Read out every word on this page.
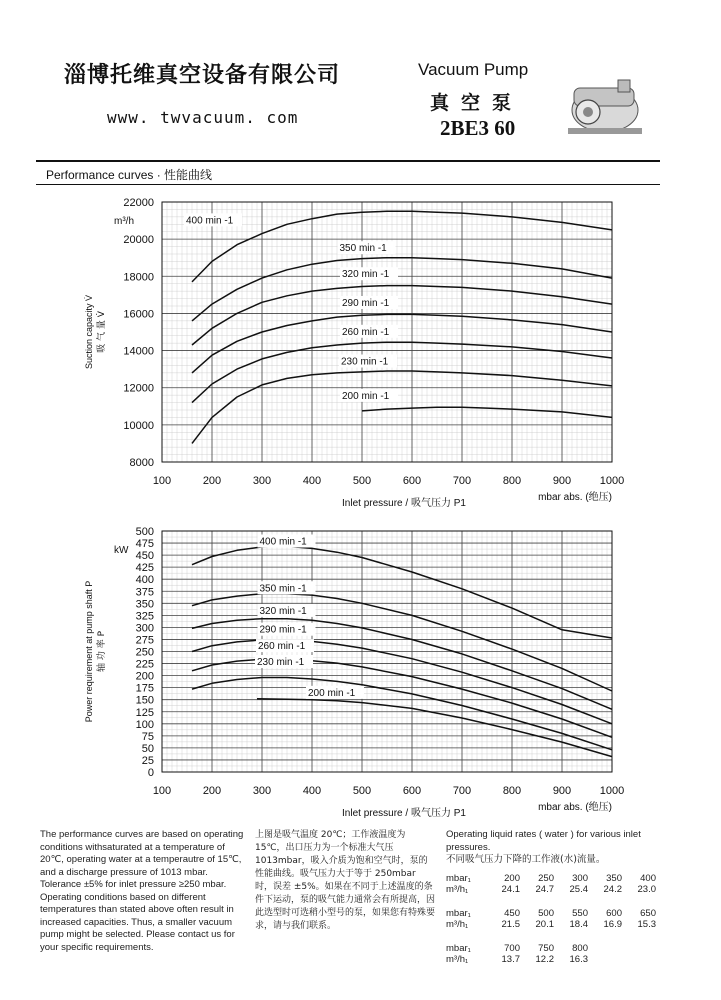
淄博托维真空设备有限公司
www. twvacuum. com
Vacuum Pump
真空泵
2BE3 60
Performance curves · 性能曲线
100	200	300	400	500	600	700	800	900	1000
8000
10000
12000
14000
16000
18000
20000
22000
m³/h
mbar abs. (绝压)
Inlet pressure / 吸气压力 P1
Suction capacity V̇ 吸 气 量 V̇
400 min -1
350 min -1
320 min -1
290 min -1
260 min -1
230 min -1
200 min -1
100	200	300	400	500	600	700	800	900	1000
0
25
50
75
100
125
150
175
200
225
250
275
300
325
350
375
400
425
450
475
500
kW
mbar abs. (绝压)
Inlet pressure / 吸气压力 P1
Power requirement at pump shaft P 轴 功 率 P
400 min -1
350 min -1
320 min -1
290 min -1
260 min -1
230 min -1
200 min -1
The performance curves are based on operating conditions withsaturated at a temperature of 20℃, operating water at a temperautre of 15℃, and a discharge pressure of 1013 mbar. Tolerance ±5% for inlet pressure ≥250 mbar. Operating conditions based on different temperatures than stated above often result in increased capacities. Thus, a smaller vacuum pump might be selected. Please contact us for your specific requirements.
上图是吸气温度 20℃；工作液温度为 15℃，出口压力为一个标准大气压 1013mbar，吸入介质为饱和空气时，泵的性能曲线。吸气压力大于等于 250mbar 时，误差 ±5%。如果在不同于上述温度的条件下运动，泵的吸气能力通常会有所提高，因此选型时可选稍小型号的泵，如果您有特殊要求，请与我们联系。
Operating liquid rates ( water ) for various inlet pressures.
不同吸气压力下降的工作液(水)流量。
mbar₁	200	250	300	350	400
m³/h₁	24.1	24.7	25.4	24.2	23.0
mbar₁	450	500	550	600	650
m³/h₁	21.5	20.1	18.4	16.9	15.3
mbar₁	700	750	800
m³/h₁	13.7	12.2	16.3
